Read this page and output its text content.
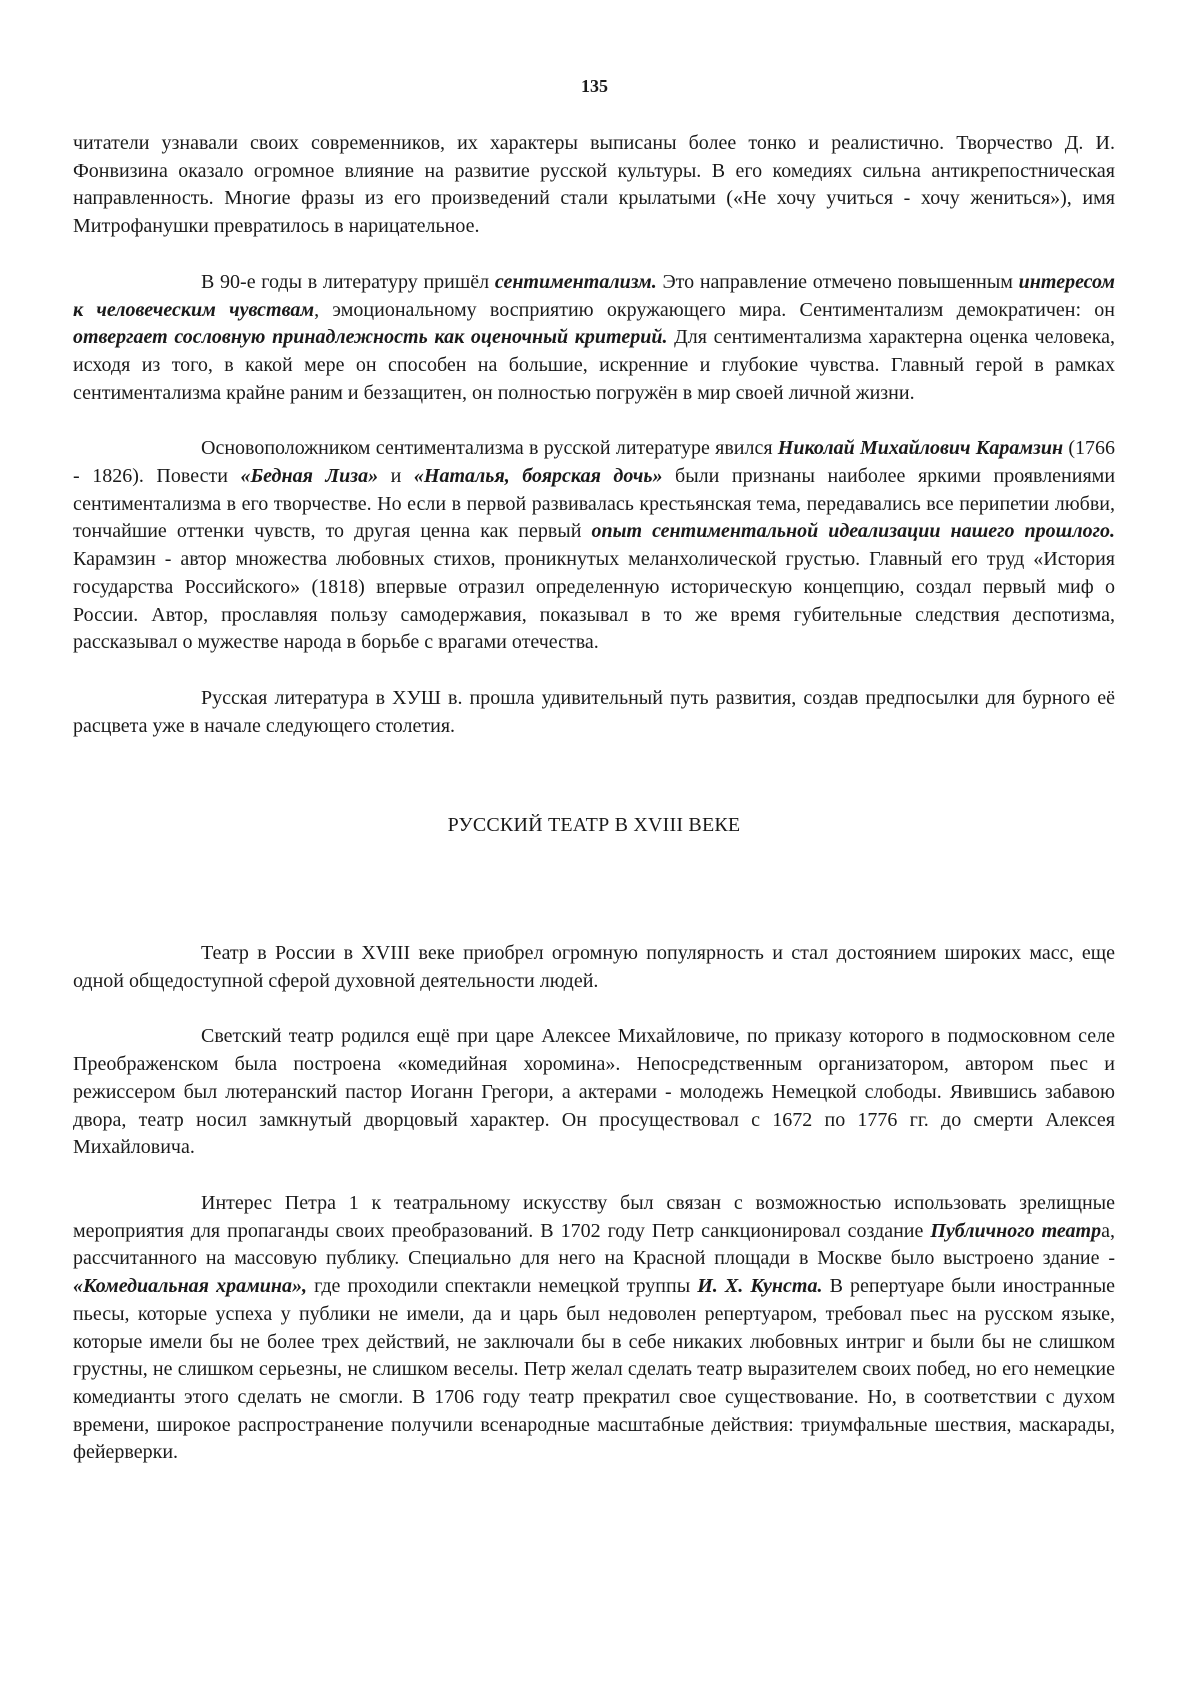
135

читатели узнавали своих современников, их характеры выписаны более тонко и реалистично. Творчество Д. И. Фонвизина оказало огромное влияние на развитие русской культуры. В его комедиях сильна антикрепостническая направленность. Многие фразы из его произведений стали крылатыми («Не хочу учиться - хочу жениться»), имя Митрофанушки превратилось в нарицательное.

В 90-е годы в литературу пришёл сентиментализм. Это направление отмечено повышенным интересом к человеческим чувствам, эмоциональному восприятию окружающего мира. Сентиментализм демократичен: он отвергает сословную принадлежность как оценочный критерий. Для сентиментализма характерна оценка человека, исходя из того, в какой мере он способен на большие, искренние и глубокие чувства. Главный герой в рамках сентиментализма крайне раним и беззащитен, он полностью погружён в мир своей личной жизни.

Основоположником сентиментализма в русской литературе явился Николай Михайлович Карамзин (1766 - 1826). Повести «Бедная Лиза» и «Наталья, боярская дочь» были признаны наиболее яркими проявлениями сентиментализма в его творчестве. Но если в первой развивалась крестьянская тема, передавались все перипетии любви, тончайшие оттенки чувств, то другая ценна как первый опыт сентиментальной идеализации нашего прошлого. Карамзин - автор множества любовных стихов, проникнутых меланхолической грустью. Главный его труд «История государства Российского» (1818) впервые отразил определенную историческую концепцию, создал первый миф о России. Автор, прославляя пользу самодержавия, показывал в то же время губительные следствия деспотизма, рассказывал о мужестве народа в борьбе с врагами отечества.

Русская литература в ХУШ в. прошла удивительный путь развития, создав предпосылки для бурного её расцвета уже в начале следующего столетия.

РУССКИЙ ТЕАТР В XVIII ВЕКЕ

Театр в России в XVIII веке приобрел огромную популярность и стал достоянием широких масс, еще одной общедоступной сферой духовной деятельности людей.

Светский театр родился ещё при царе Алексее Михайловиче, по приказу которого в подмосковном селе Преображенском была построена «комедийная хоромина». Непосредственным организатором, автором пьес и режиссером был лютеранский пастор Иоганн Грегори, а актерами - молодежь Немецкой слободы. Явившись забавою двора, театр носил замкнутый дворцовый характер. Он просуществовал с 1672 по 1776 гг. до смерти Алексея Михайловича.

Интерес Петра 1 к театральному искусству был связан с возможностью использовать зрелищные мероприятия для пропаганды своих преобразований. В 1702 году Петр санкционировал создание Публичного театра, рассчитанного на массовую публику. Специально для него на Красной площади в Москве было выстроено здание - «Комедиальная храмина», где проходили спектакли немецкой труппы И. Х. Кунста. В репертуаре были иностранные пьесы, которые успеха у публики не имели, да и царь был недоволен репертуаром, требовал пьес на русском языке, которые имели бы не более трех действий, не заключали бы в себе никаких любовных интриг и были бы не слишком грустны, не слишком серьезны, не слишком веселы. Петр желал сделать театр выразителем своих побед, но его немецкие комедианты этого сделать не смогли. В 1706 году театр прекратил свое существование. Но, в соответствии с духом времени, широкое распространение получили всенародные масштабные действия: триумфальные шествия, маскарады, фейерверки.
